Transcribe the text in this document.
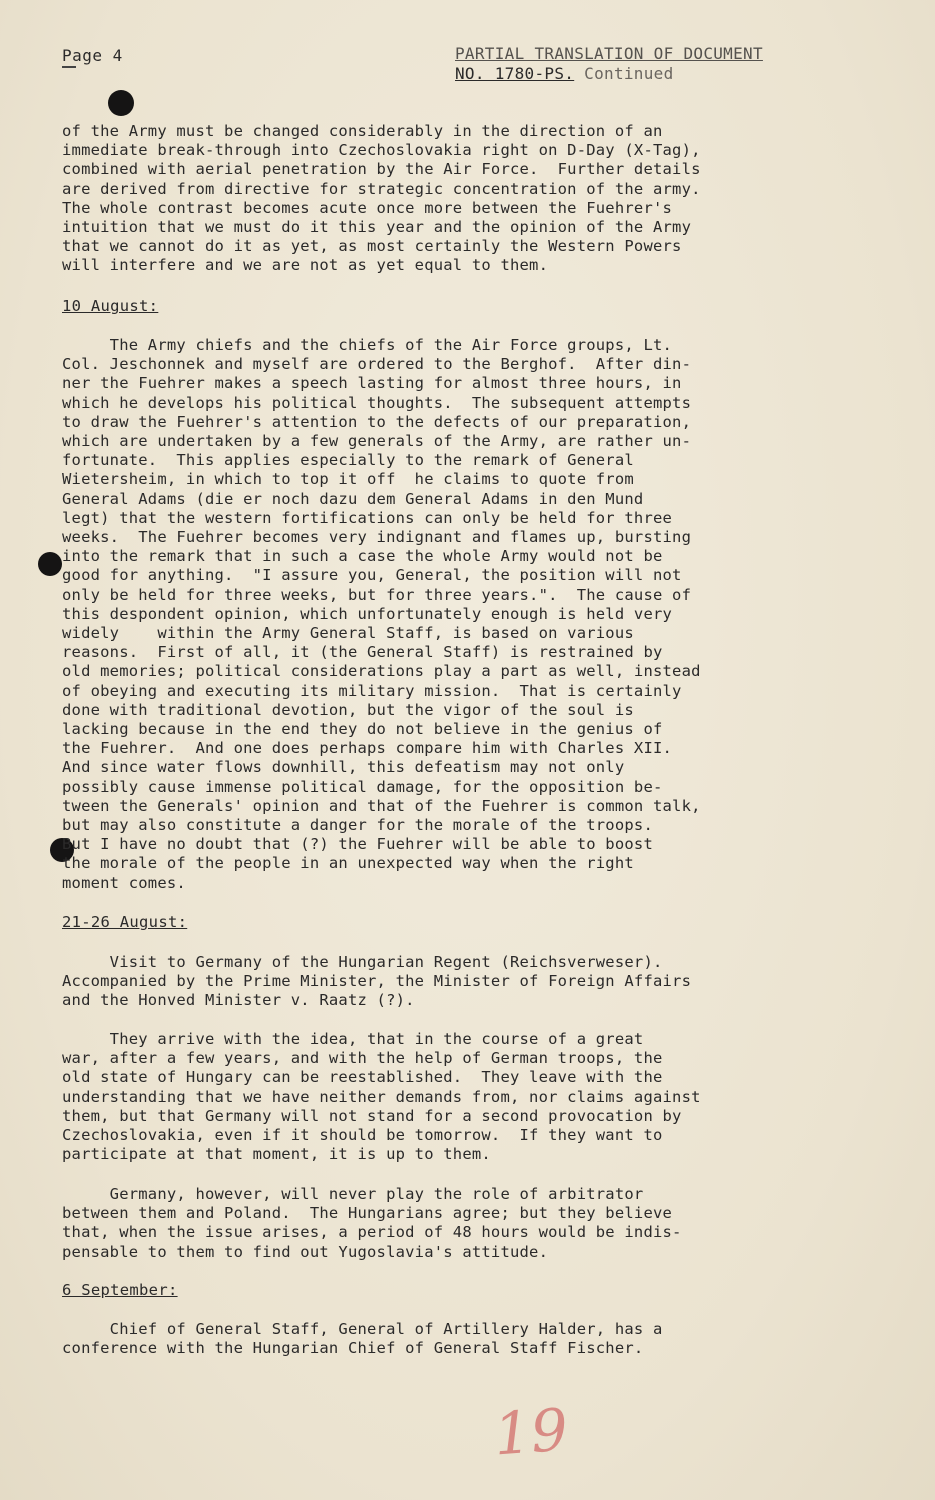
Page 4	PARTIAL TRANSLATION OF DOCUMENT
NO. 1780-PS. Continued
of the Army must be changed considerably in the direction of an
immediate break-through into Czechoslovakia right on D-Day (X-Tag),
combined with aerial penetration by the Air Force.  Further details
are derived from directive for strategic concentration of the army.
The whole contrast becomes acute once more between the Fuehrer's
intuition that we must do it this year and the opinion of the Army
that we cannot do it as yet, as most certainly the Western Powers
will interfere and we are not as yet equal to them.
10 August:
The Army chiefs and the chiefs of the Air Force groups, Lt.
Col. Jeschonnek and myself are ordered to the Berghof.  After din-
ner the Fuehrer makes a speech lasting for almost three hours, in
which he develops his political thoughts.  The subsequent attempts
to draw the Fuehrer's attention to the defects of our preparation,
which are undertaken by a few generals of the Army, are rather un-
fortunate.  This applies especially to the remark of General
Wietersheim, in which to top it off  he claims to quote from
General Adams (die er noch dazu dem General Adams in den Mund
legt) that the western fortifications can only be held for three
weeks.  The Fuehrer becomes very indignant and flames up, bursting
into the remark that in such a case the whole Army would not be
good for anything.  "I assure you, General, the position will not
only be held for three weeks, but for three years.".  The cause of
this despondent opinion, which unfortunately enough is held very
widely    within the Army General Staff, is based on various
reasons.  First of all, it (the General Staff) is restrained by
old memories; political considerations play a part as well, instead
of obeying and executing its military mission.  That is certainly
done with traditional devotion, but the vigor of the soul is
lacking because in the end they do not believe in the genius of
the Fuehrer.  And one does perhaps compare him with Charles XII.
And since water flows downhill, this defeatism may not only
possibly cause immense political damage, for the opposition be-
tween the Generals' opinion and that of the Fuehrer is common talk,
but may also constitute a danger for the morale of the troops.
But I have no doubt that (?) the Fuehrer will be able to boost
the morale of the people in an unexpected way when the right
moment comes.
21-26 August:
Visit to Germany of the Hungarian Regent (Reichsverweser).
Accompanied by the Prime Minister, the Minister of Foreign Affairs
and the Honved Minister v. Raatz (?).
They arrive with the idea, that in the course of a great
war, after a few years, and with the help of German troops, the
old state of Hungary can be reestablished.  They leave with the
understanding that we have neither demands from, nor claims against
them, but that Germany will not stand for a second provocation by
Czechoslovakia, even if it should be tomorrow.  If they want to
participate at that moment, it is up to them.
Germany, however, will never play the role of arbitrator
between them and Poland.  The Hungarians agree; but they believe
that, when the issue arises, a period of 48 hours would be indis-
pensable to them to find out Yugoslavia's attitude.
6 September:
Chief of General Staff, General of Artillery Halder, has a
conference with the Hungarian Chief of General Staff Fischer.
19
